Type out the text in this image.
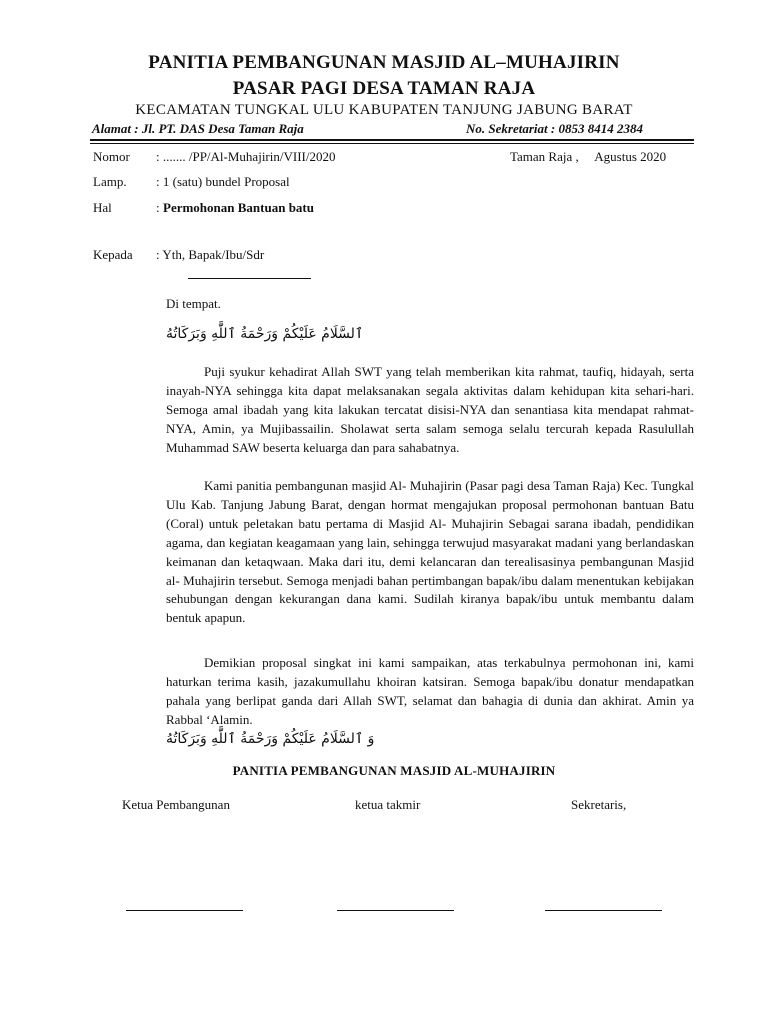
PANITIA PEMBANGUNAN MASJID AL–MUHAJIRIN
PASAR PAGI DESA TAMAN RAJA
KECAMATAN TUNGKAL ULU KABUPATEN TANJUNG JABUNG BARAT
Alamat : Jl. PT. DAS Desa Taman Raja	No. Sekretariat : 0853 8414 2384
Nomor : ....... /PP/Al-Muhajirin/VIII/2020	Taman Raja ,     Agustus 2020
Lamp. : 1 (satu) bundel Proposal
Hal	: Permohonan Bantuan batu
Kepada : Yth, Bapak/Ibu/Sdr
Di tempat.
ٱلسَّلَامُ عَلَيْكُمْ وَرَحْمَةُ ٱللَّٰهِ وَبَرَكَاتُهُ

Puji syukur kehadirat Allah SWT yang telah memberikan kita rahmat, taufiq, hidayah, serta inayah-NYA sehingga kita dapat melaksanakan segala aktivitas dalam kehidupan kita sehari-hari. Semoga amal ibadah yang kita lakukan tercatat disisi-NYA dan senantiasa kita mendapat rahmat-NYA, Amin, ya Mujibassailin. Sholawat serta salam semoga selalu tercurah kepada Rasulullah Muhammad SAW beserta keluarga dan para sahabatnya.

Kami panitia pembangunan masjid Al- Muhajirin (Pasar pagi desa Taman Raja) Kec. Tungkal Ulu Kab. Tanjung Jabung Barat, dengan hormat mengajukan proposal permohonan bantuan Batu (Coral) untuk peletakan batu pertama di Masjid Al- Muhajirin Sebagai sarana ibadah, pendidikan agama, dan kegiatan keagamaan yang lain, sehingga terwujud masyarakat madani yang berlandaskan keimanan dan ketaqwaan. Maka dari itu, demi kelancaran dan terealisasinya pembangunan Masjid al- Muhajirin tersebut. Semoga menjadi bahan pertimbangan bapak/ibu dalam menentukan kebijakan sehubungan dengan kekurangan dana kami. Sudilah kiranya bapak/ibu untuk membantu dalam bentuk apapun.

Demikian proposal singkat ini kami sampaikan, atas terkabulnya permohonan ini, kami haturkan terima kasih, jazakumullahu khoiran katsiran. Semoga bapak/ibu donatur mendapatkan pahala yang berlipat ganda dari Allah SWT, selamat dan bahagia di dunia dan akhirat. Amin ya Rabbal ‘Alamin.

وَ ٱلسَّلَامُ عَلَيْكُمْ وَرَحْمَةُ ٱللَّٰهِ وَبَرَكَاتُهُ
PANITIA PEMBANGUNAN MASJID AL-MUHAJIRIN
Ketua Pembangunan	ketua takmir	Sekretaris,
